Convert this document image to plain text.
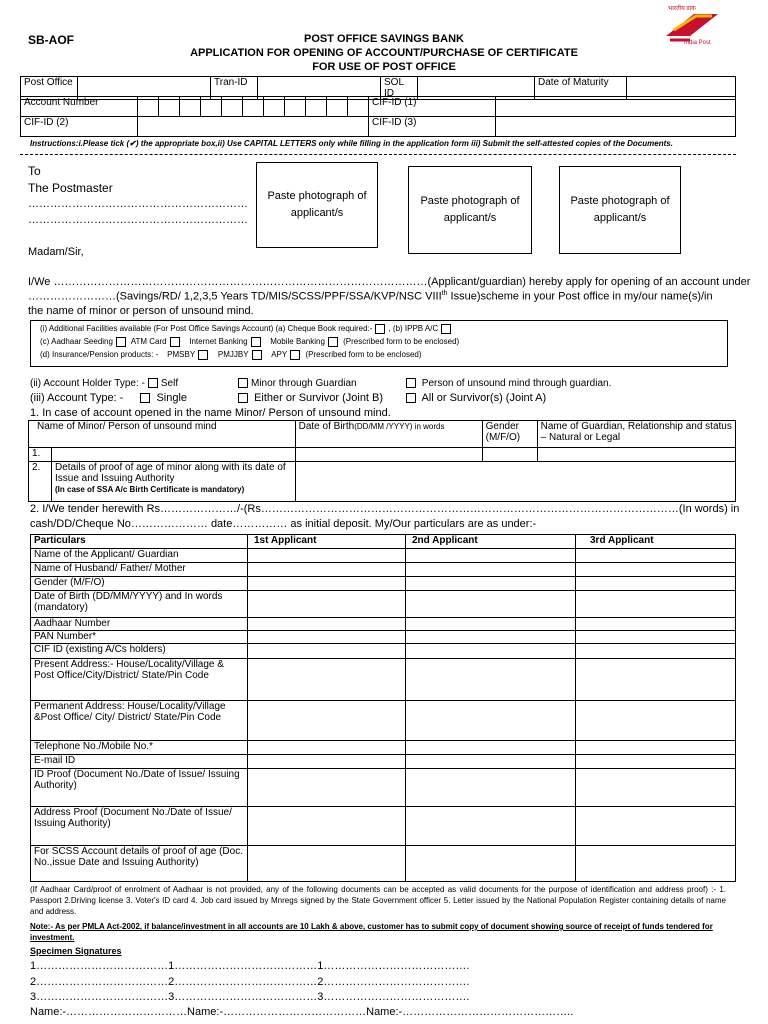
भारतीय डाक
India Post
SB-AOF	POST OFFICE SAVINGS BANK
APPLICATION FOR OPENING OF ACCOUNT/PURCHASE OF CERTIFICATE
FOR USE OF POST OFFICE
Post Office		Tran-ID		SOL ID		Date of Maturity	
Account Number												CIF-ID (1)	
CIF-ID (2)												CIF-ID (3)	
Instructions:i.Please tick (✔) the appropriate box,ii) Use CAPITAL LETTERS only while filling in the application form iii) Submit the self-attested copies of the Documents.
To
The Postmaster
……………………………………………………
……………………………………………………
Madam/Sir,
Paste photograph of applicant/s
Paste photograph of applicant/s
Paste photograph of applicant/s
I/We …………………………………………………………………………………………(Applicant/guardian) hereby apply for opening of an account under
……………………(Savings/RD/ 1,2,3,5 Years TD/MIS/SCSS/PPF/SSA/KVP/NSC VIIIth Issue)scheme in your Post office in my/our name(s)/in
the name of minor or person of unsound mind.
(i) Additional Facilities available (For Post Office Savings Account) (a) Cheque Book required:- , (b) IPPB A/C
(c) Aadhaar Seeding ATM Card	Internet Banking	Mobile Banking (Prescribed form to be enclosed)
(d) Insurance/Pension products: - PMSBY	PMJJBY	APY (Prescribed form to be enclosed)
(ii) Account Holder Type: - Self	Minor through Guardian	Person of unsound mind through guardian.
(iii) Account Type: -	Single	Either or Survivor (Joint B)	All or Survivor(s) (Joint A)
1. In case of account opened in the name Minor/ Person of unsound mind.
Name of Minor/ Person of unsound mind		Date of Birth(DD/MM /YYYY) in words	Gender (M/F/O)	Name of Guardian, Relationship and status – Natural or Legal
1.				
2.	Details of proof of age of minor along with its date of Issue and Issuing Authority
(In case of SSA A/c Birth Certificate is mandatory)			

2. I/We tender herewith Rs…………………/-(Rs……………………………………………………………………………………………………(In words) in
cash/DD/Cheque No………………… date…………… as initial deposit. My/Our particulars are as under:-
Particulars	1st Applicant	2nd Applicant	3rd Applicant
Name of the Applicant/ Guardian			
Name of Husband/ Father/ Mother			
Gender (M/F/O)			
Date of Birth (DD/MM/YYYY) and In words (mandatory)			
Aadhaar Number			
PAN Number*			
CIF ID (existing A/Cs holders)			
Present Address:- House/Locality/Village & Post Office/City/District/ State/Pin Code			
Permanent Address: House/Locality/Village &Post Office/ City/ District/ State/Pin Code			
Telephone No./Mobile No.*			
E-mail ID			
ID Proof (Document No./Date of Issue/ Issuing Authority)			
Address Proof (Document No./Date of Issue/ Issuing Authority)			
For SCSS Account details of proof of age (Doc. No.,issue Date and Issuing Authority)			
(If Aadhaar Card/proof of enrolment of Aadhaar is not provided, any of the following documents can be accepted as valid documents for the purpose of identification and address proof) :- 1. Passport 2.Driving license 3. Voter's ID card 4. Job card issued by Mnregs signed by the State Government officer 5. Letter issued by the National Population Register containing details of name and address.
Note:- As per PMLA Act-2002, if balance/investment in all accounts are 10 Lakh & above, customer has to submit copy of document showing source of receipt of funds tendered for investment.
Specimen Signatures
1………………………………1…………………………………1………………………………….
2………………………………2…………………………………2………………………………….
3………………………………3…………………………………3………………………………….
Name:-……………………………Name:-…………………………………Name:-………………………………………..
